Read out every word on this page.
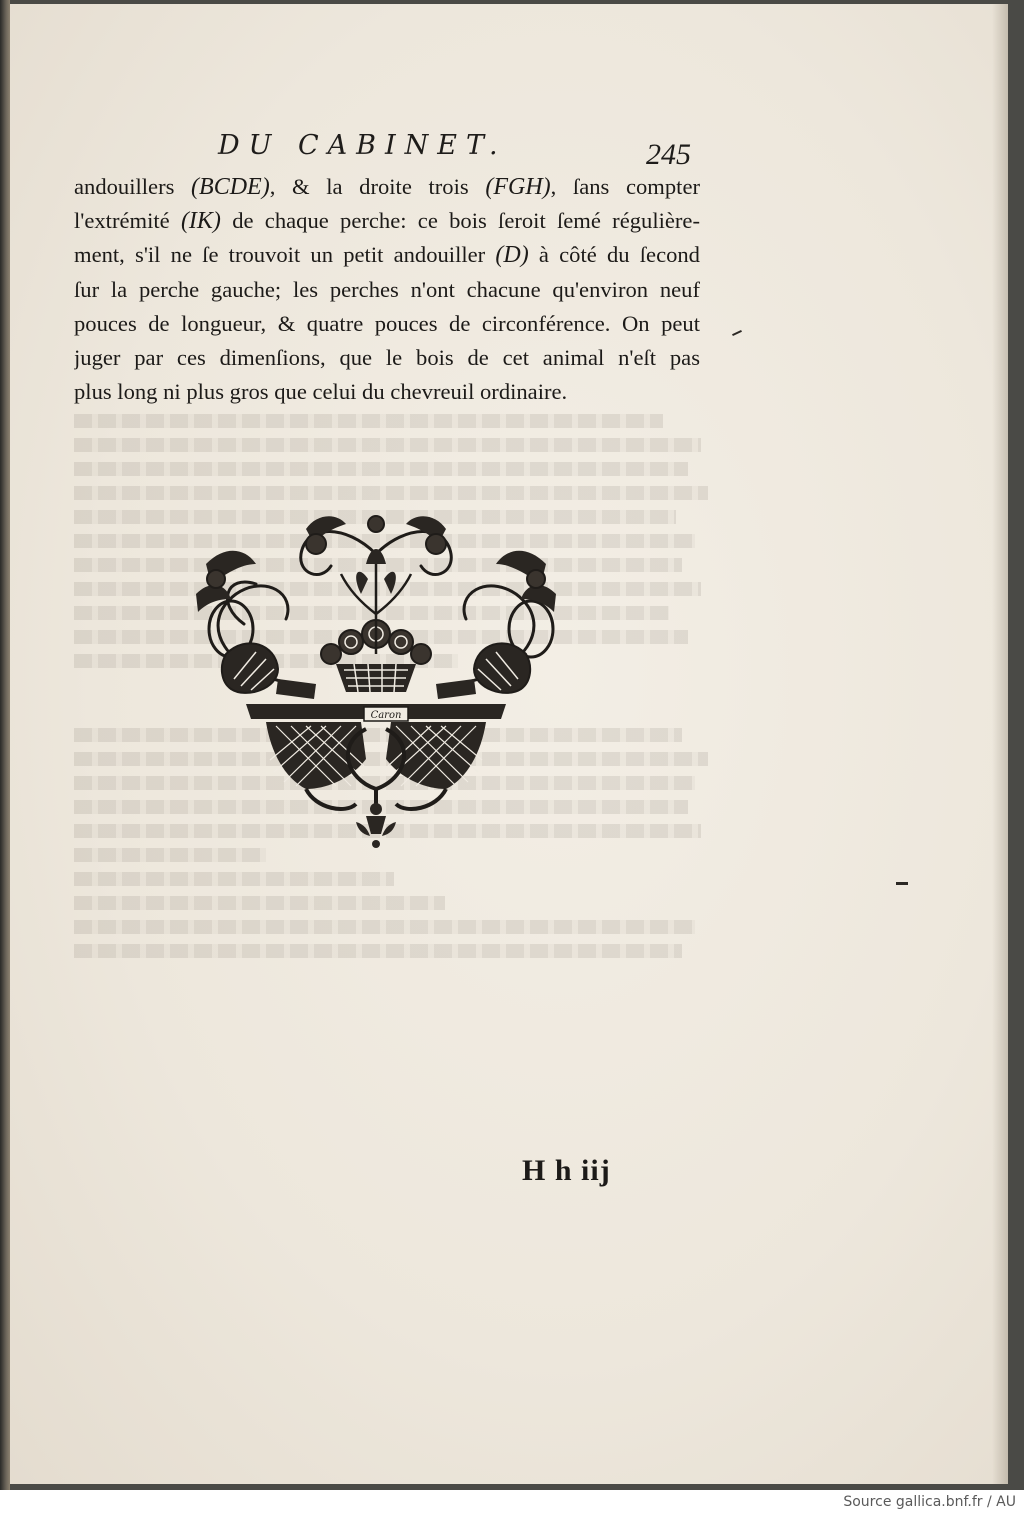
DU CABINET.	245
andouillers (BCDE), & la droite trois (FGH), ſans compter
l'extrémité (IK) de chaque perche: ce bois ſeroit ſemé régulière-
ment, s'il ne ſe trouvoit un petit andouiller (D) à côté du ſecond
ſur la perche gauche; les perches n'ont chacune qu'environ neuf
pouces de longueur, & quatre pouces de circonférence. On peut
juger par ces dimenſions, que le bois de cet animal n'eſt pas
plus long ni plus gros que celui du chevreuil ordinaire.
Caron
H h iij
Source gallica.bnf.fr / AU
